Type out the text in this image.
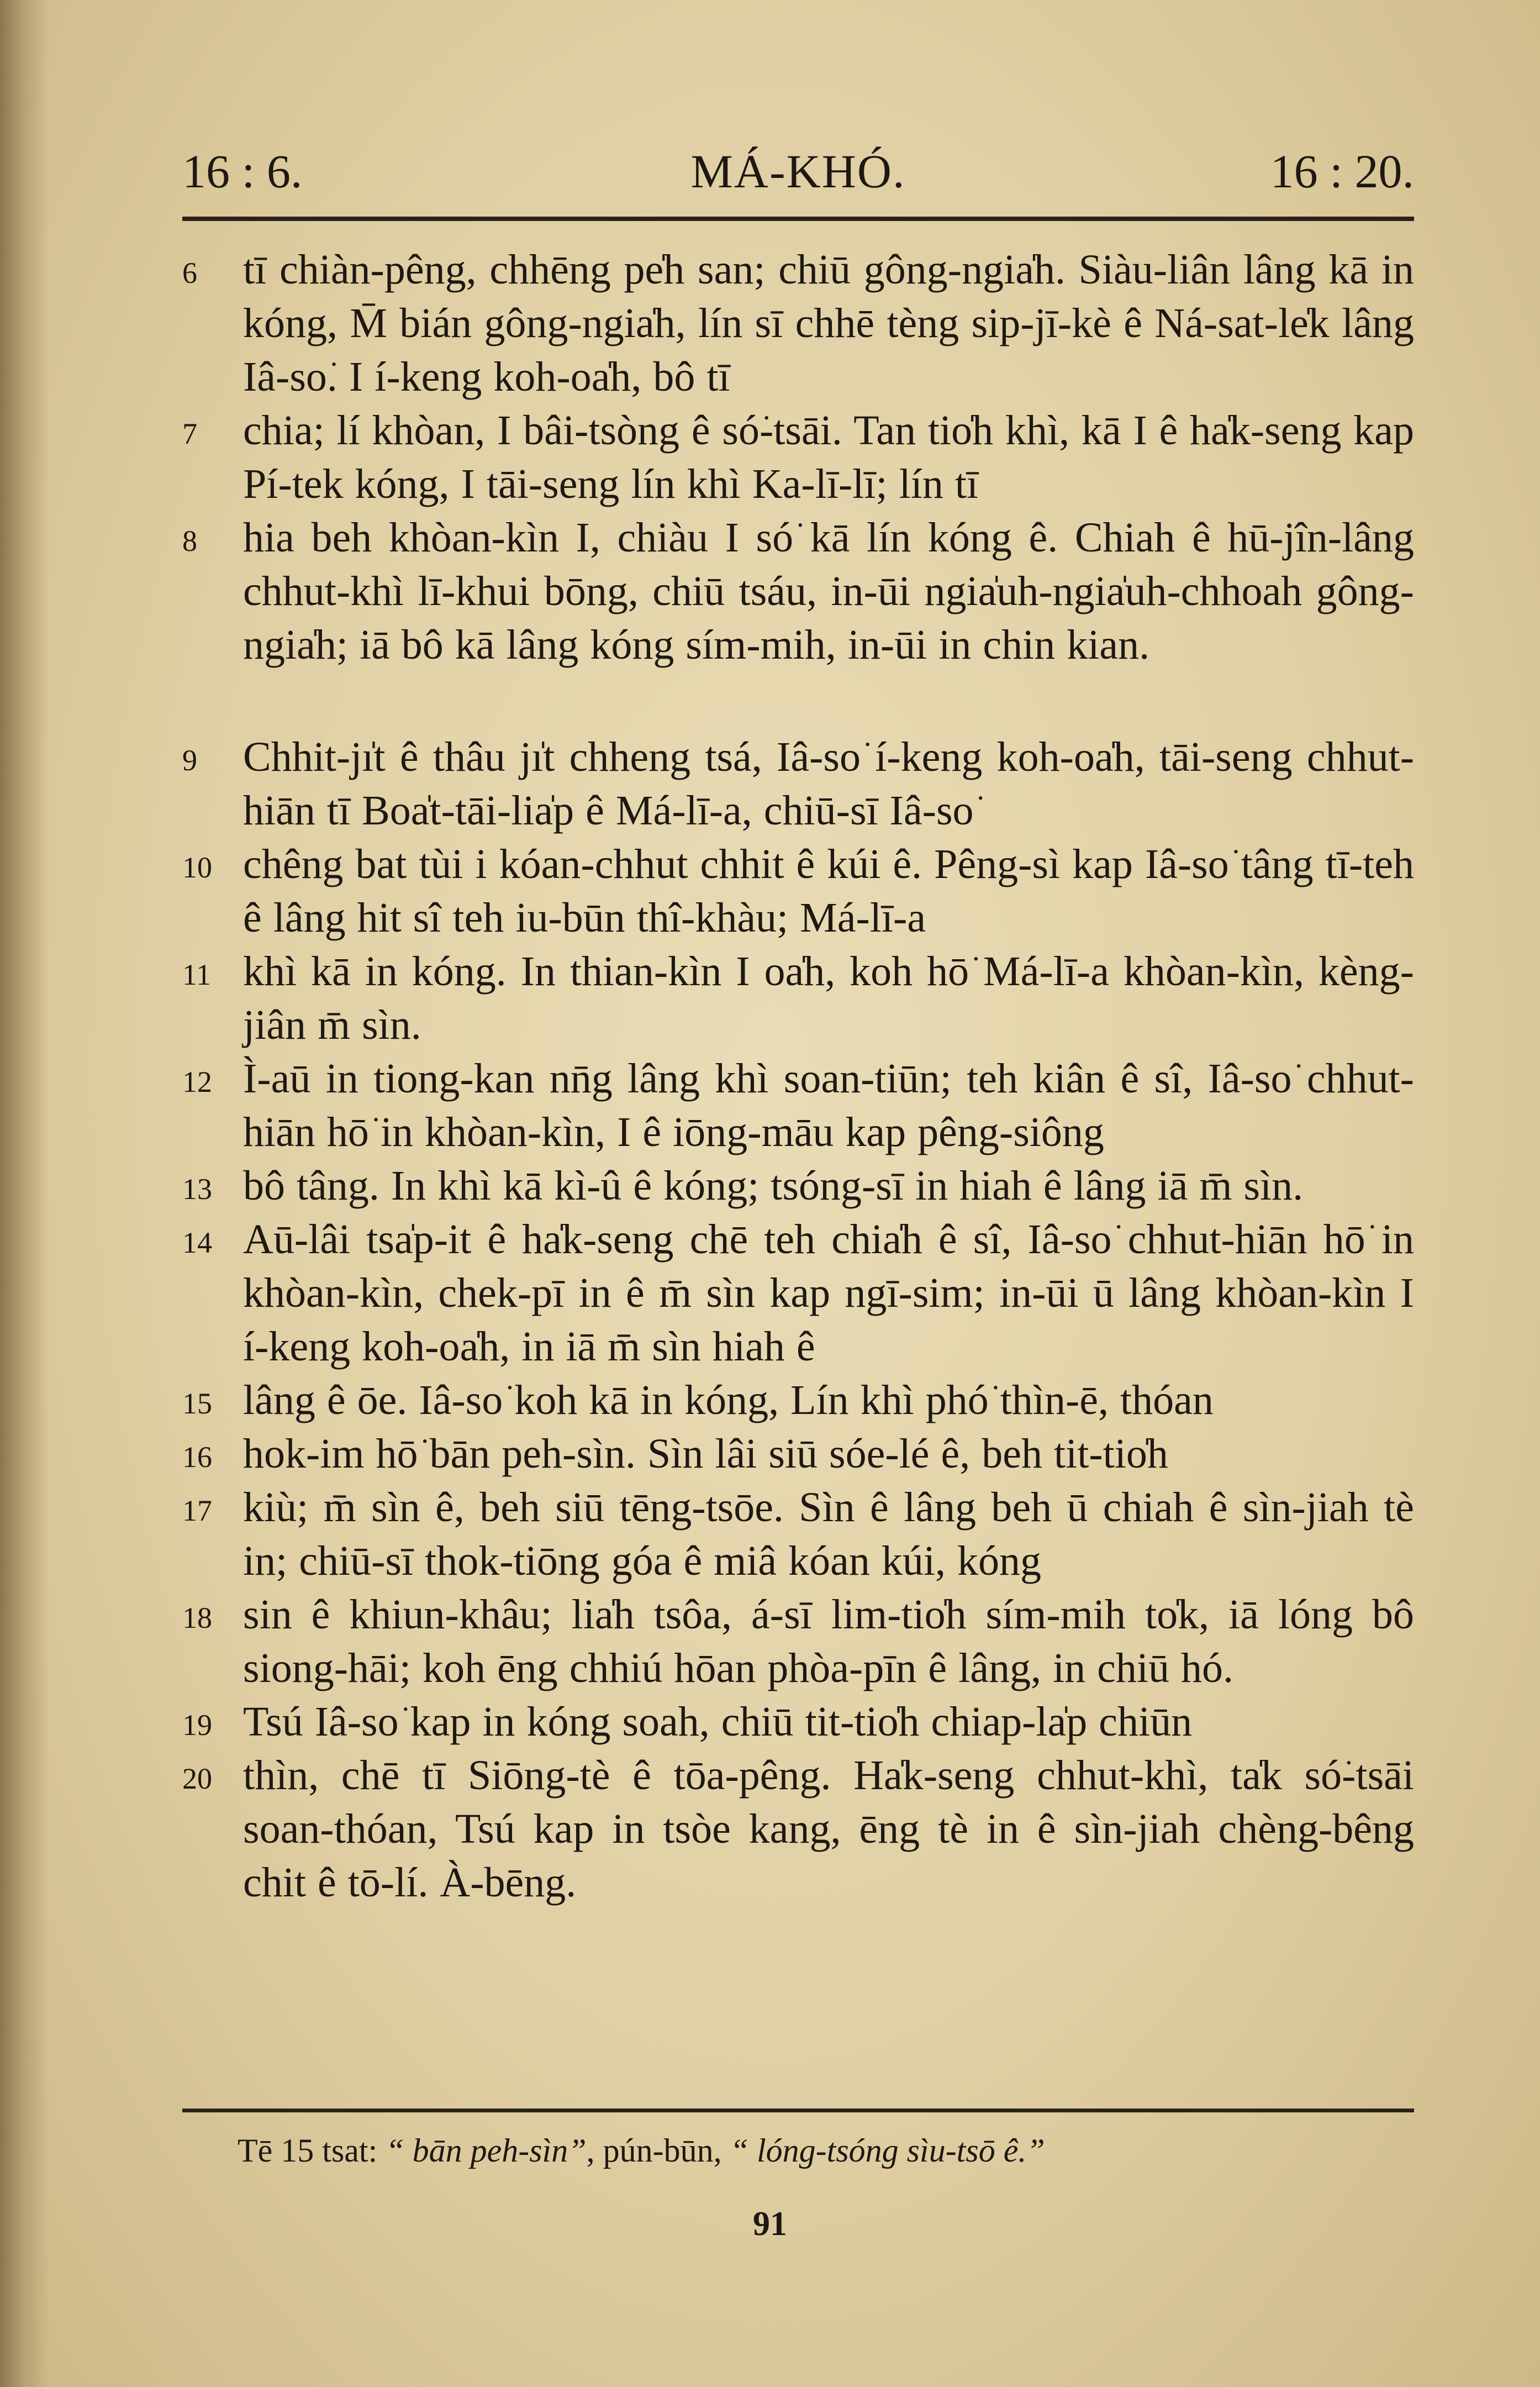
MÁ-KHÓ.
16 : 6.	16 : 20.

6 tī chiàn-pêng, chhēng pe̍h san; chiū gông-ngia̍h. Siàu-liân lâng kā in kóng, M̄ bián gông-ngia̍h, lín sī chhē tèng sip-jī-kè ê Ná-sat-le̍k lâng Iâ-so͘. I í-keng koh-oa̍h, bô tī

7 chia; lí khòan, I bâi-tsòng ê só͘-tsāi. Tan tio̍h khì, kā I ê ha̍k-seng kap Pí-tek kóng, I tāi-seng lín khì Ka-lī-lī; lín tī

8 hia beh khòan-kìn I, chiàu I só͘ kā lín kóng ê. Chiah ê hū-jîn-lâng chhut-khì lī-khui bōng, chiū tsáu, in-ūi ngia̍uh-ngia̍uh-chhoah gông-ngia̍h; iā bô kā lâng kóng sím-mih, in-ūi in chin kian.

9 Chhit-jı̍t ê thâu jı̍t chheng tsá, Iâ-so͘ í-keng koh-oa̍h, tāi-seng chhut-hiān tī Boa̍t-tāi-lia̍p ê Má-lī-a, chiū-sī Iâ-so͘

10 chêng bat tùi i kóan-chhut chhit ê kúi ê. Pêng-sì kap Iâ-so͘ tâng tī-teh ê lâng hit sî teh iu-būn thî-khàu; Má-lī-a

11 khì kā in kóng. In thian-kìn I oa̍h, koh hō͘ Má-lī-a khòan-kìn, kèng-jiân m̄ sìn.

12 Ì-aū in tiong-kan nn̄g lâng khì soan-tiūn; teh kiân ê sî, Iâ-so͘ chhut-hiān hō͘ in khòan-kìn, I ê iōng-māu kap pêng-siông

13 bô tâng. In khì kā kì-û ê kóng; tsóng-sī in hiah ê lâng iā m̄ sìn.

14 Aū-lâi tsa̍p-it ê ha̍k-seng chē teh chia̍h ê sî, Iâ-so͘ chhut-hiān hō͘ in khòan-kìn, chek-pī in ê m̄ sìn kap ngī-sim; in-ūi ū lâng khòan-kìn I í-keng koh-oa̍h, in iā m̄ sìn hiah ê

15 lâng ê ōe. Iâ-so͘ koh kā in kóng, Lín khì phó͘ thìn-ē, thóan

16 hok-im hō͘ bān peh-sìn. Sìn lâi siū sóe-lé ê, beh tit-tio̍h

17 kiù; m̄ sìn ê, beh siū tēng-tsōe. Sìn ê lâng beh ū chiah ê sìn-jiah tè in; chiū-sī thok-tiōng góa ê miâ kóan kúi, kóng

18 sin ê khiun-khâu; lia̍h tsôa, á-sī lim-tio̍h sím-mih to̍k, iā lóng bô siong-hāi; koh ēng chhiú hōan phòa-pīn ê lâng, in chiū hó.

19 Tsú Iâ-so͘ kap in kóng soah, chiū tit-tio̍h chiap-la̍p chiūn

20 thìn, chē tī Siōng-tè ê tōa-pêng. Ha̍k-seng chhut-khì, ta̍k só͘-tsāi soan-thóan, Tsú kap in tsòe kang, ēng tè in ê sìn-jiah chèng-bêng chit ê tō-lí. À-bēng.

Tē 15 tsat: “ bān peh-sìn”, pún-būn, “ lóng-tsóng sìu-tsō ê.”
91
